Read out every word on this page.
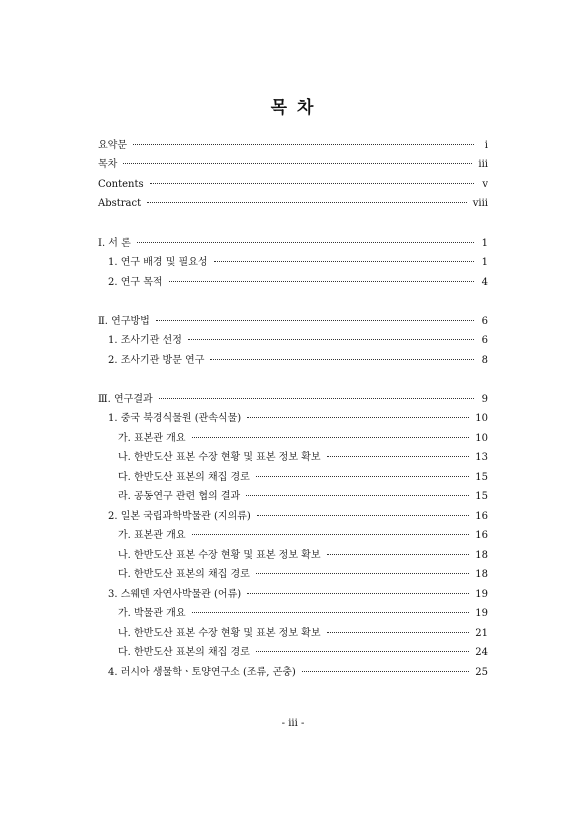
목 차
요약문	i
목차	iii
Contents	v
Abstract	viii
Ⅰ. 서 론	1
1. 연구 배경 및 필요성	1
2. 연구 목적	4
Ⅱ. 연구방법	6
1. 조사기관 선정	6
2. 조사기관 방문 연구	8
Ⅲ. 연구결과	9
1. 중국 북경식물원 (관속식물)	10
가. 표본관 개요	10
나. 한반도산 표본 수장 현황 및 표본 정보 확보	13
다. 한반도산 표본의 채집 경로	15
라. 공동연구 관련 협의 결과	15
2. 일본 국립과학박물관 (지의류)	16
가. 표본관 개요	16
나. 한반도산 표본 수장 현황 및 표본 정보 확보	18
다. 한반도산 표본의 채집 경로	18
3. 스웨덴 자연사박물관 (어류)	19
가. 박물관 개요	19
나. 한반도산 표본 수장 현황 및 표본 정보 확보	21
다. 한반도산 표본의 채집 경로	24
4. 러시아 생물학ㆍ토양연구소 (조류, 곤충)	25
- iii -
